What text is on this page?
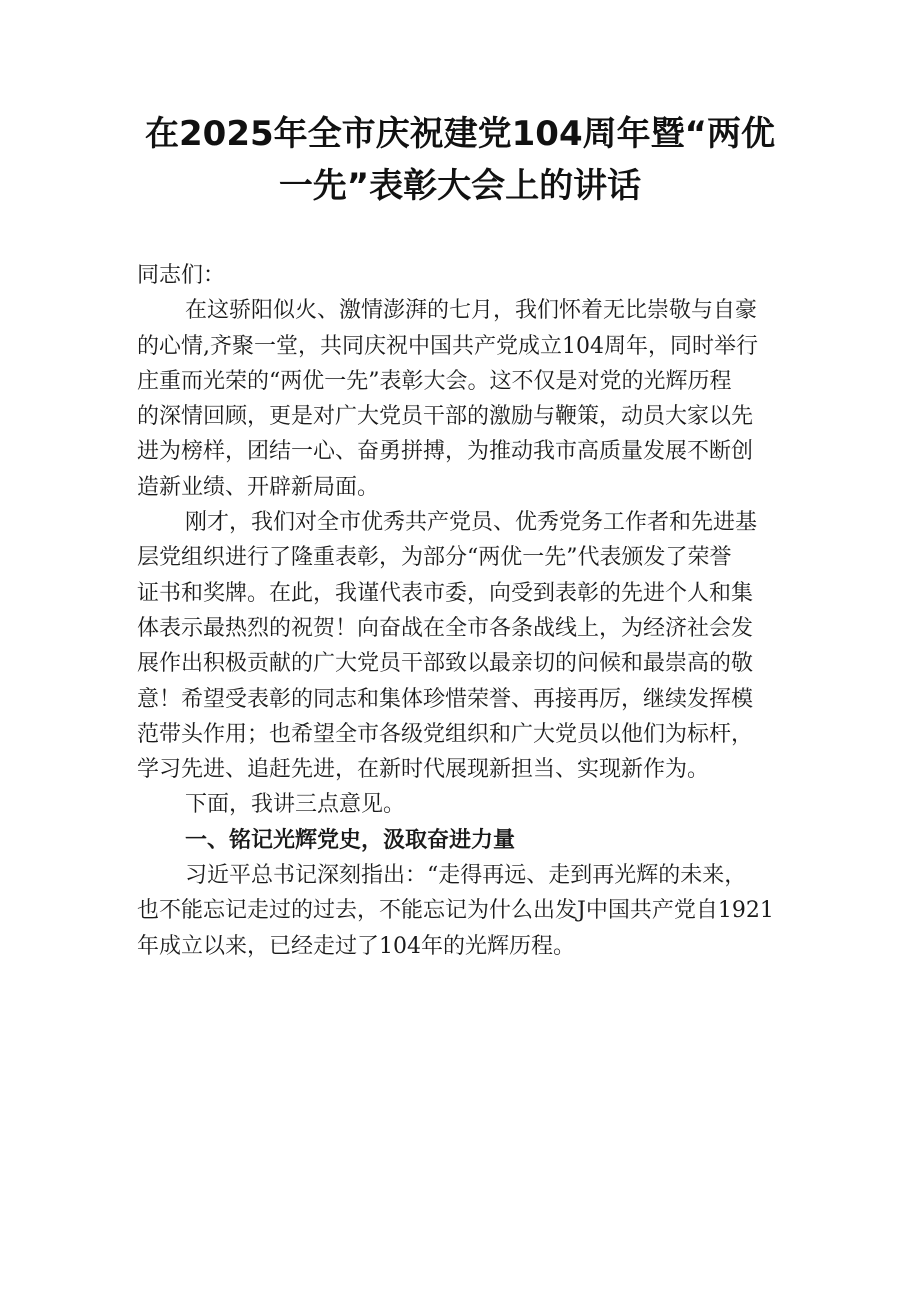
在2025年全市庆祝建党104周年暨“两优
一先”表彰大会上的讲话
同志们：
在这骄阳似火、激情澎湃的七月，我们怀着无比崇敬与自豪
的心情,齐聚一堂，共同庆祝中国共产党成立104周年，同时举行
庄重而光荣的“两优一先”表彰大会。这不仅是对党的光辉历程
的深情回顾，更是对广大党员干部的激励与鞭策，动员大家以先
进为榜样，团结一心、奋勇拼搏，为推动我市高质量发展不断创
造新业绩、开辟新局面。
刚才，我们对全市优秀共产党员、优秀党务工作者和先进基
层党组织进行了隆重表彰，为部分“两优一先”代表颁发了荣誉
证书和奖牌。在此，我谨代表市委，向受到表彰的先进个人和集
体表示最热烈的祝贺！向奋战在全市各条战线上，为经济社会发
展作出积极贡献的广大党员干部致以最亲切的问候和最崇高的敬
意！希望受表彰的同志和集体珍惜荣誉、再接再厉，继续发挥模
范带头作用；也希望全市各级党组织和广大党员以他们为标杆，
学习先进、追赶先进，在新时代展现新担当、实现新作为。
下面，我讲三点意见。
一、铭记光辉党史，汲取奋进力量
习近平总书记深刻指出：“走得再远、走到再光辉的未来，
也不能忘记走过的过去，不能忘记为什么出发J中国共产党自1921
年成立以来，已经走过了104年的光辉历程。
